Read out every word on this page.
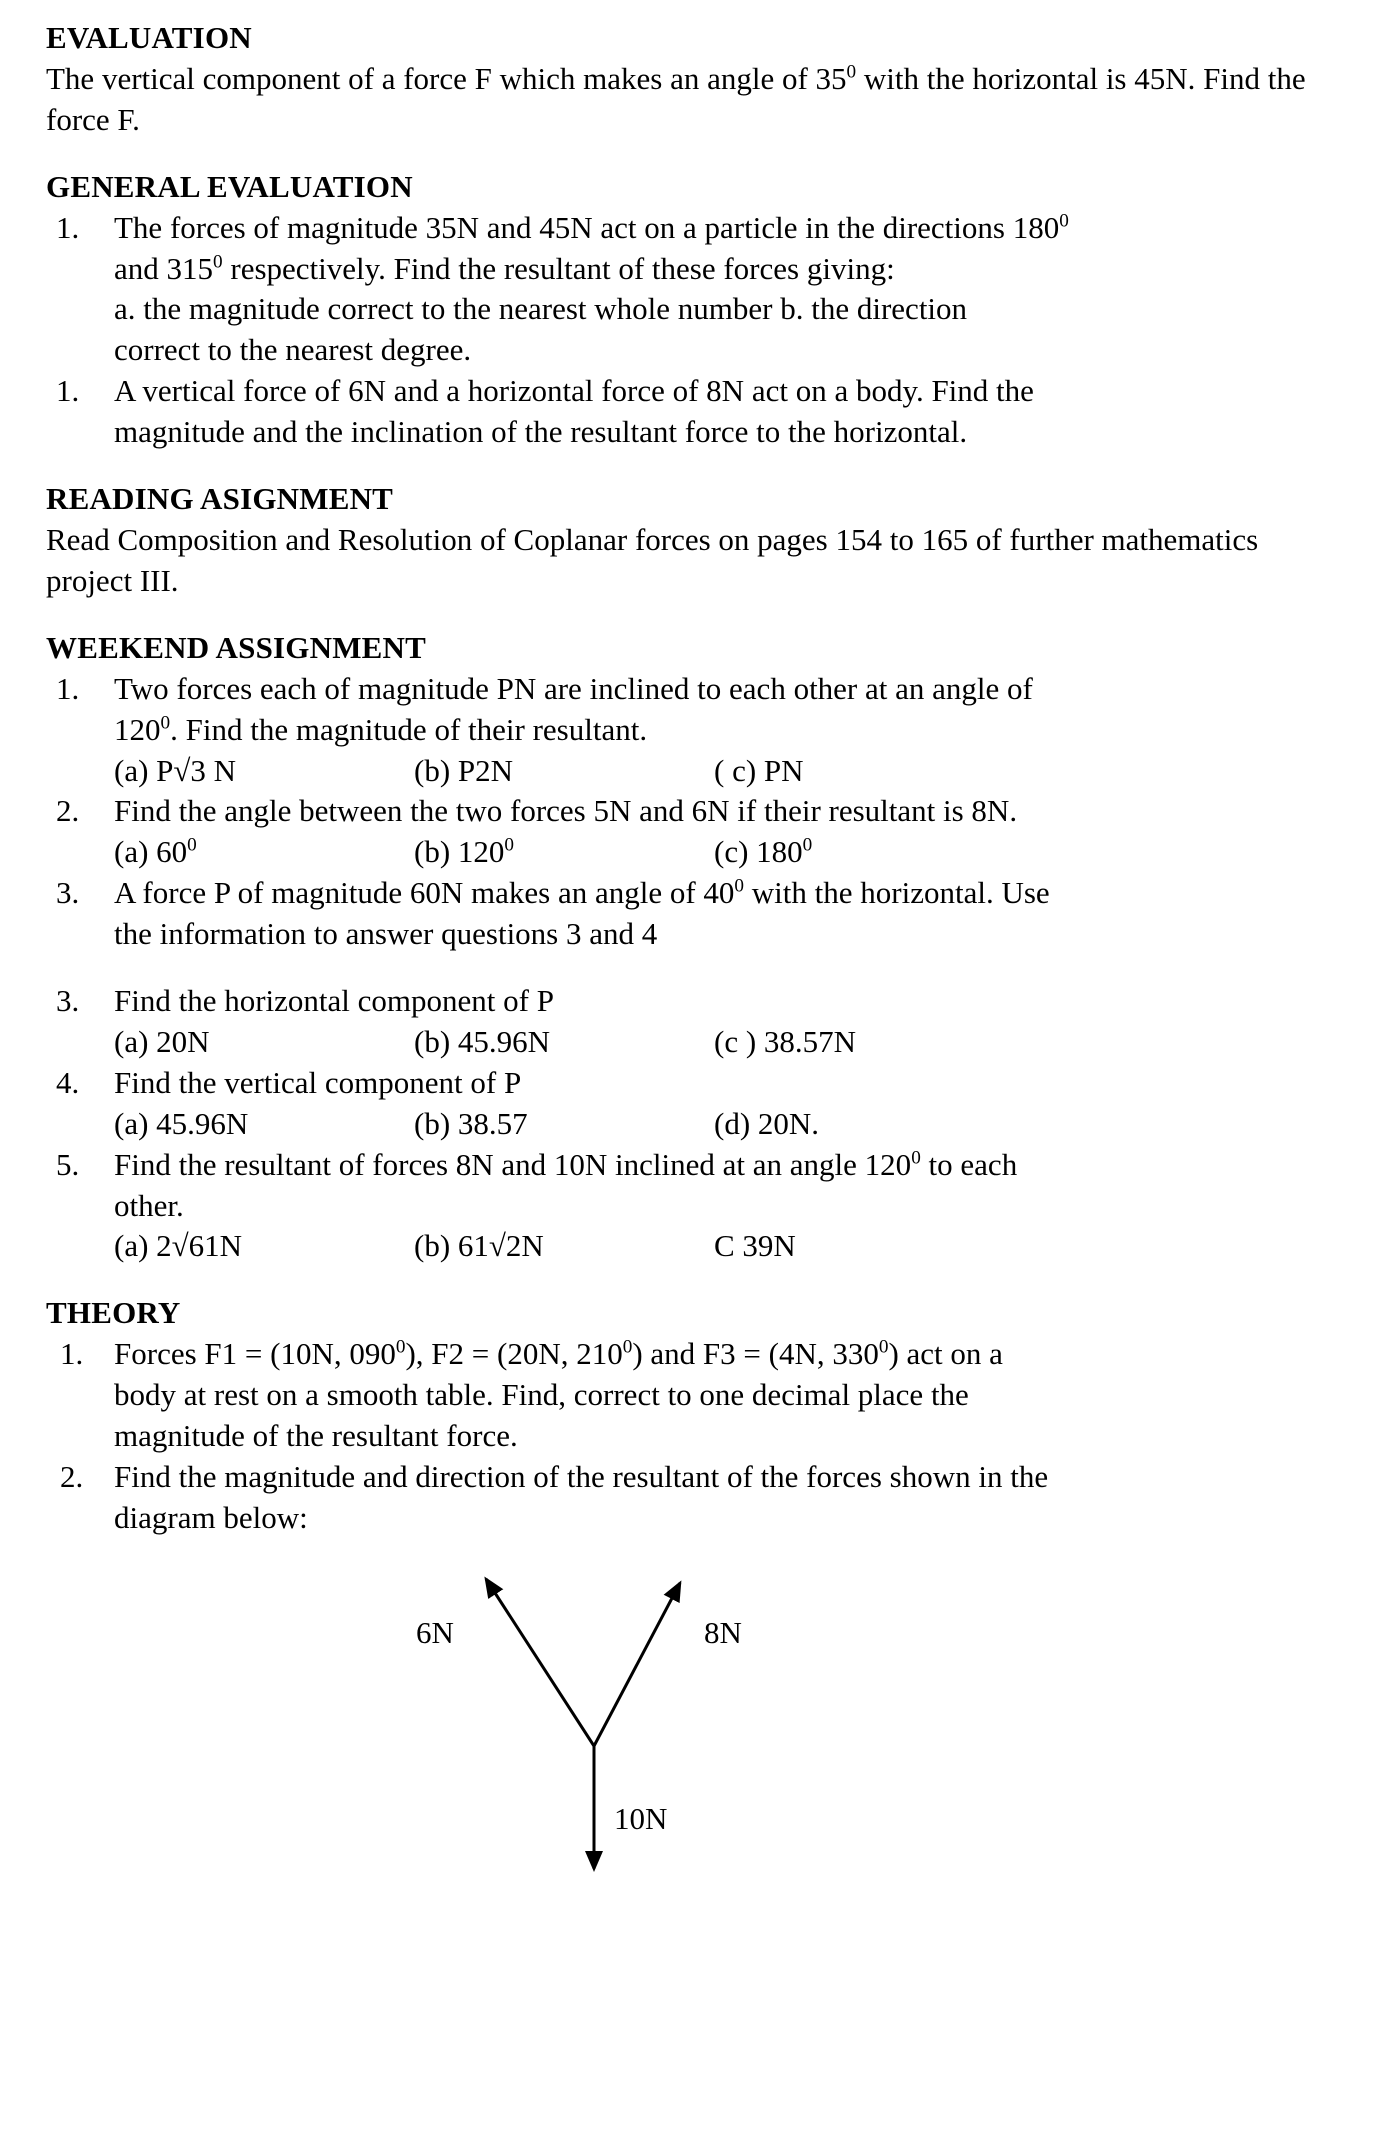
EVALUATION
The vertical component of a force F which makes an angle of $35^0$ with the horizontal is 45N. Find the force F.
GENERAL EVALUATION
1.	The forces of magnitude 35N and 45N act on a particle in the directions $180^0$
and $315^0$ respectively. Find the resultant of these forces giving:
a. the magnitude correct to the nearest whole number b. the direction
correct to the nearest degree.
1.	A vertical force of 6N and a horizontal force of 8N act on a body. Find the
magnitude and the inclination of the resultant force to the horizontal.
READING ASIGNMENT
Read Composition and Resolution of Coplanar forces on pages 154 to 165 of further mathematics project III.
WEEKEND ASSIGNMENT
1.	Two forces each of magnitude PN are inclined to each other at an angle of
$120^0$. Find the magnitude of their resultant.
(a) P√3 N	(b) P2N	( c) PN
2.	Find the angle between the two forces 5N and 6N if their resultant is 8N.
(a) $60^0$	(b) $120^0$	(c) $180^0$
3.	A force P of magnitude 60N makes an angle of $40^0$ with the horizontal. Use
the information to answer questions 3 and 4
3.	Find the horizontal component of P
(a) 20N	(b) 45.96N	(c ) 38.57N
4.	Find the vertical component of P
(a) 45.96N	(b) 38.57	(d) 20N.
5.	Find the resultant of forces 8N and 10N inclined at an angle $120^0$ to each
other.
(a) 2√61N	(b) 61√2N	C 39N
THEORY
1. Forces F1 = (10N, $090^0$), F2 = (20N, $210^0$) and F3 = (4N, $330^0$) act on a
body at rest on a smooth table. Find, correct to one decimal place the
magnitude of the resultant force.
2. Find the magnitude and direction of the resultant of the forces shown in the
diagram below:
6N	8N
10N
